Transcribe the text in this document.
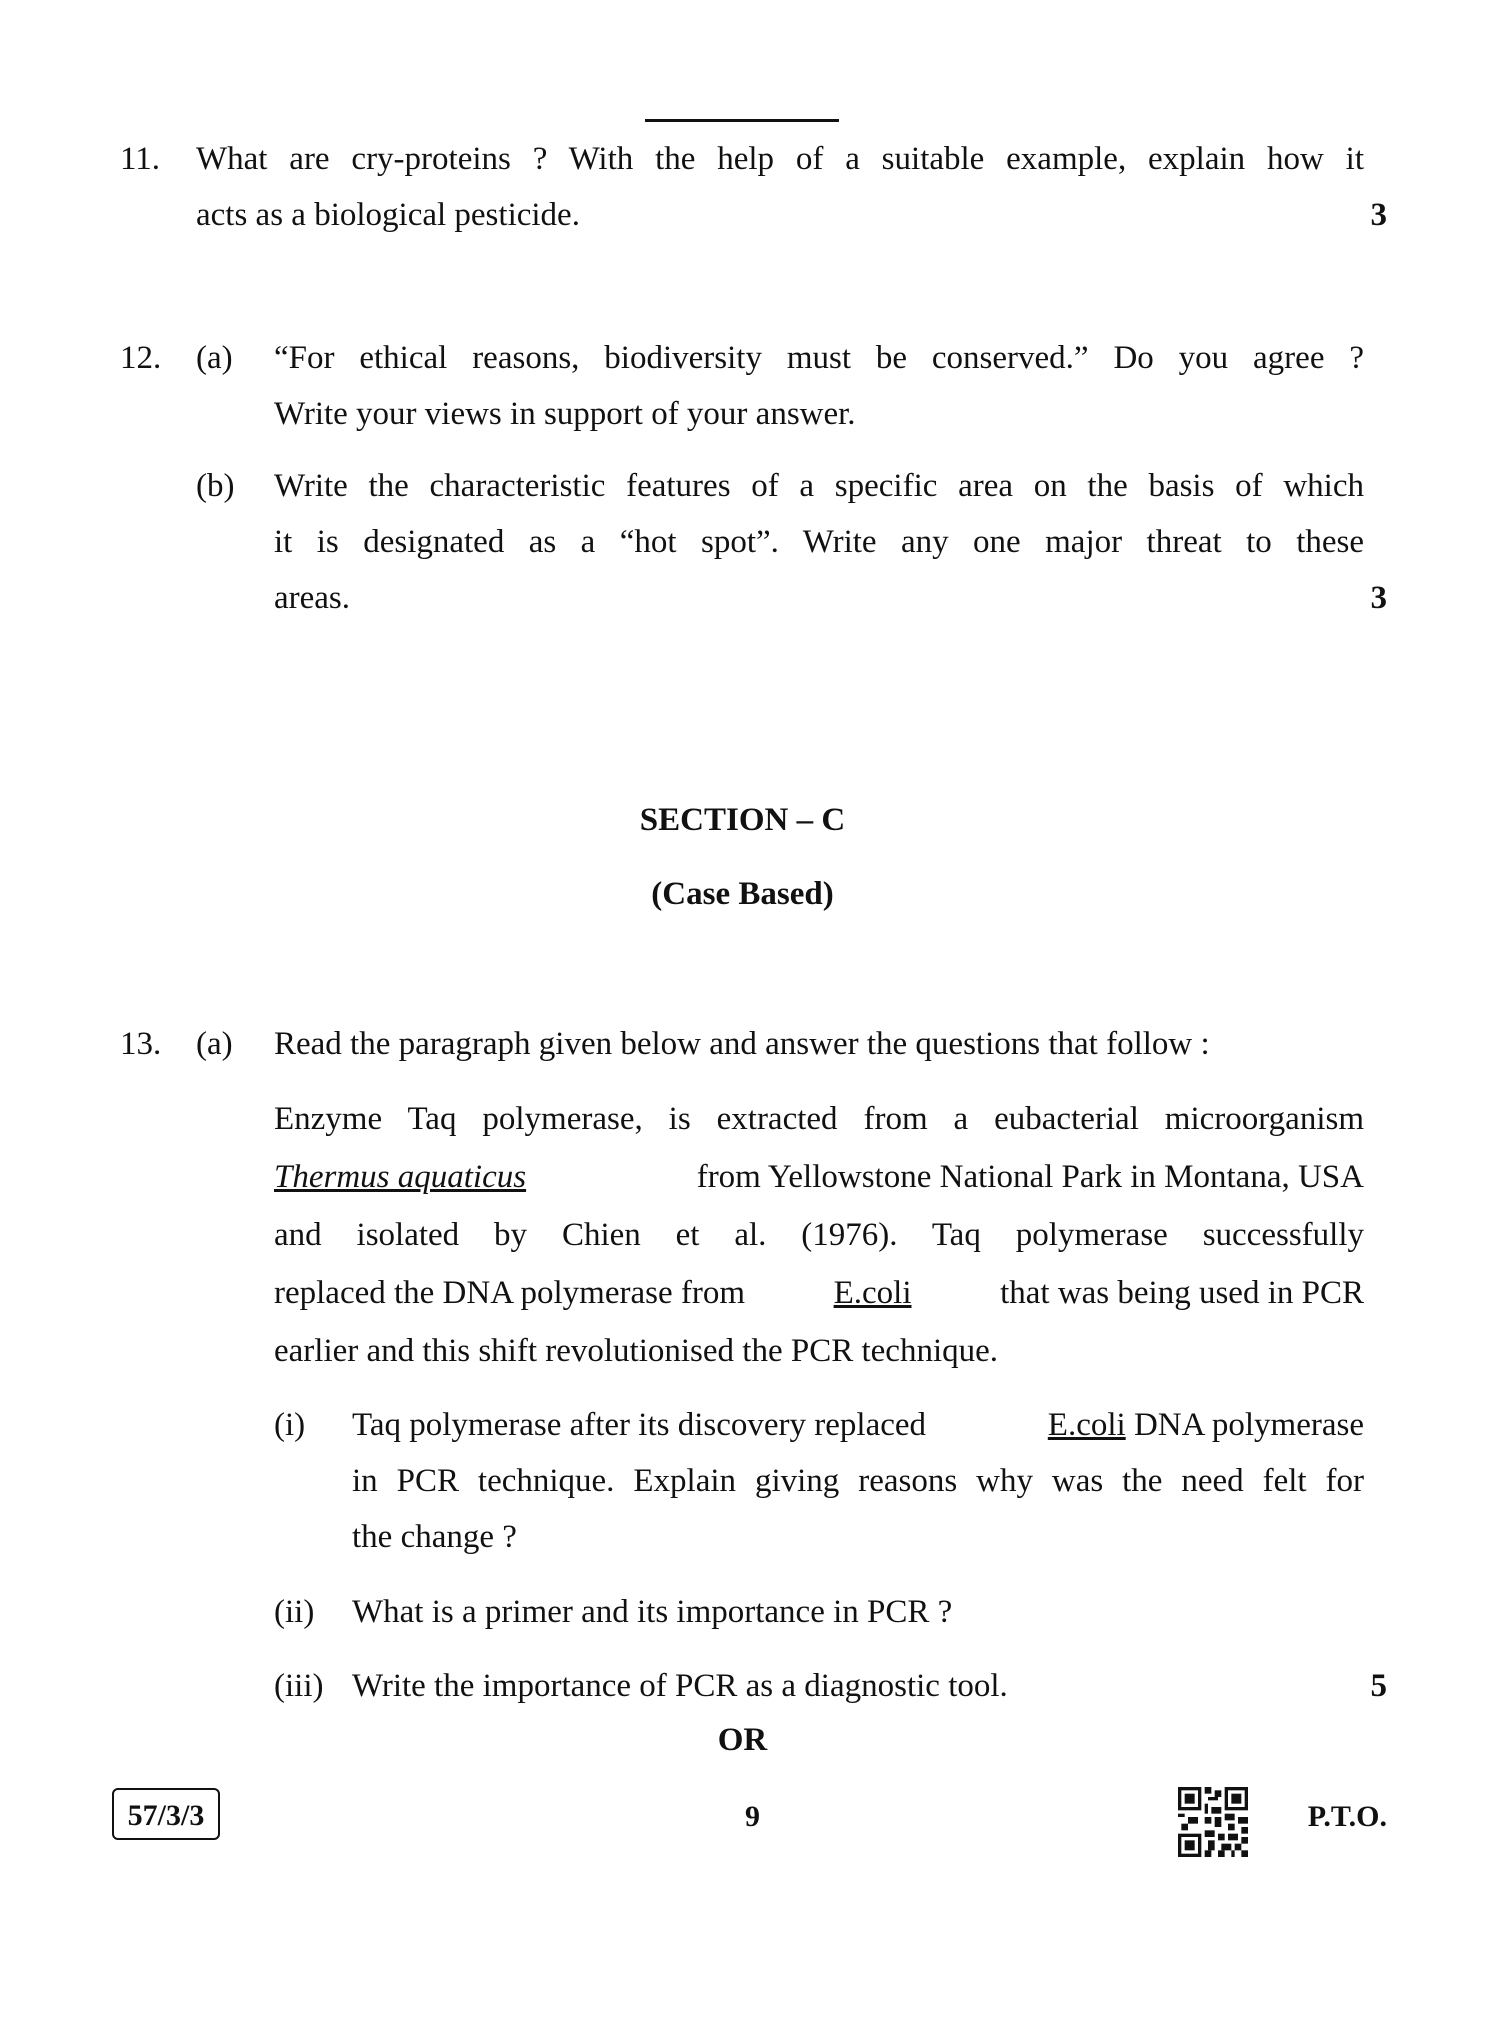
11. What are cry-proteins ? With the help of a suitable example, explain how it
acts as a biological pesticide.	3
12. (a) “For ethical reasons, biodiversity must be conserved.” Do you agree ?
Write your views in support of your answer.
(b) Write the characteristic features of a specific area on the basis of which
it is designated as a “hot spot”. Write any one major threat to these
areas.	3
SECTION – C
(Case Based)
13. (a) Read the paragraph given below and answer the questions that follow :
Enzyme Taq polymerase, is extracted from a eubacterial microorganism
Thermus aquaticus	from Yellowstone National Park in Montana, USA
and isolated by Chien et al. (1976). Taq polymerase successfully
replaced the DNA polymerase from	E.coli	that was being used in PCR
earlier and this shift revolutionised the PCR technique.
(i) Taq polymerase after its discovery replaced	E.coli DNA polymerase
in PCR technique. Explain giving reasons why was the need felt for
the change ?
(ii) What is a primer and its importance in PCR ?
(iii) Write the importance of PCR as a diagnostic tool.	5
OR
57/3/3	9	P.T.O.
